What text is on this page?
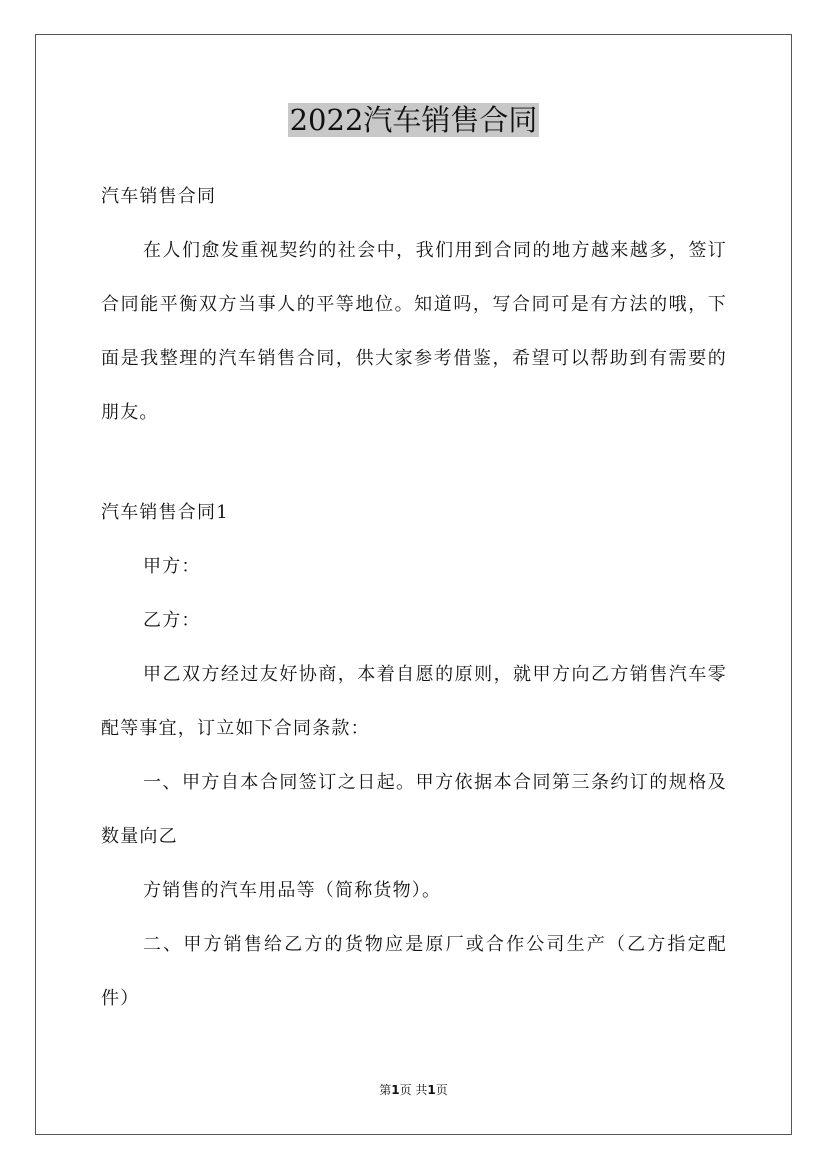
2022汽车销售合同

汽车销售合同

在人们愈发重视契约的社会中，我们用到合同的地方越来越多，签订合同能平衡双方当事人的平等地位。知道吗，写合同可是有方法的哦，下面是我整理的汽车销售合同，供大家参考借鉴，希望可以帮助到有需要的朋友。

汽车销售合同1

甲方：

乙方：

甲乙双方经过友好协商，本着自愿的原则，就甲方向乙方销售汽车零配等事宜，订立如下合同条款：

一、甲方自本合同签订之日起。甲方依据本合同第三条约订的规格及数量向乙

方销售的汽车用品等（简称货物）。

二、甲方销售给乙方的货物应是原厂或合作公司生产（乙方指定配件）

第1页 共1页
